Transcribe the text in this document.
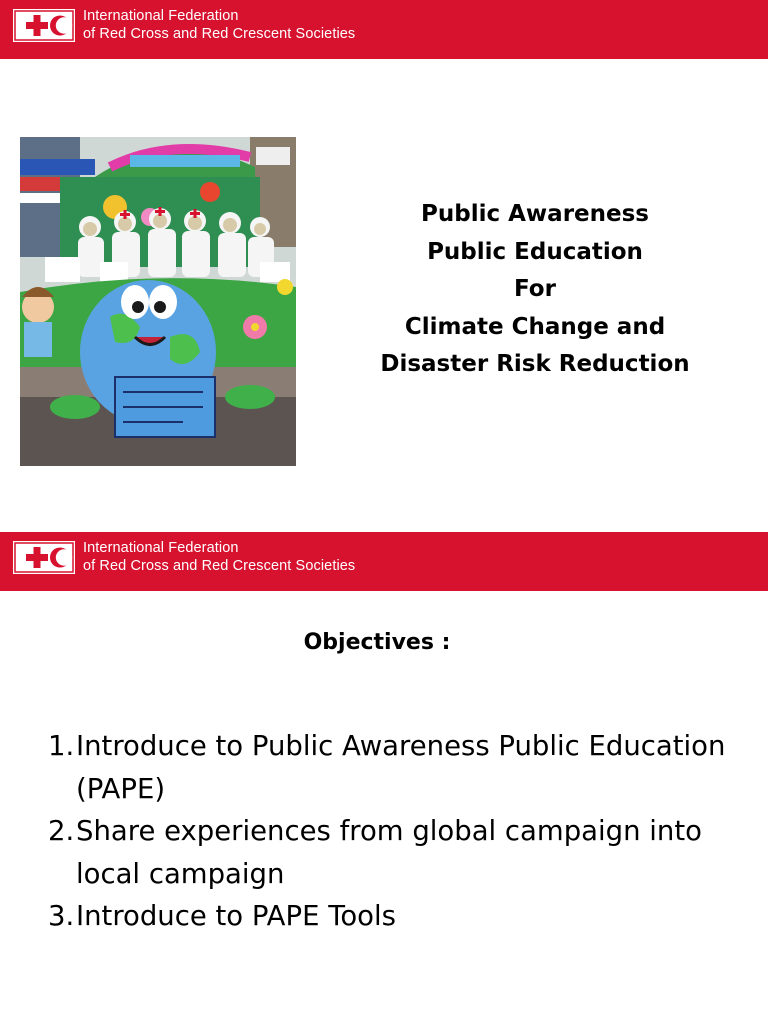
International Federation
of Red Cross and Red Crescent Societies
Public Awareness
Public Education
For
Climate Change and
Disaster Risk Reduction
International Federation
of Red Cross and Red Crescent Societies
Objectives :
1. Introduce to Public Awareness Public Education (PAPE)
2. Share experiences from global campaign into local campaign
3. Introduce to PAPE Tools
